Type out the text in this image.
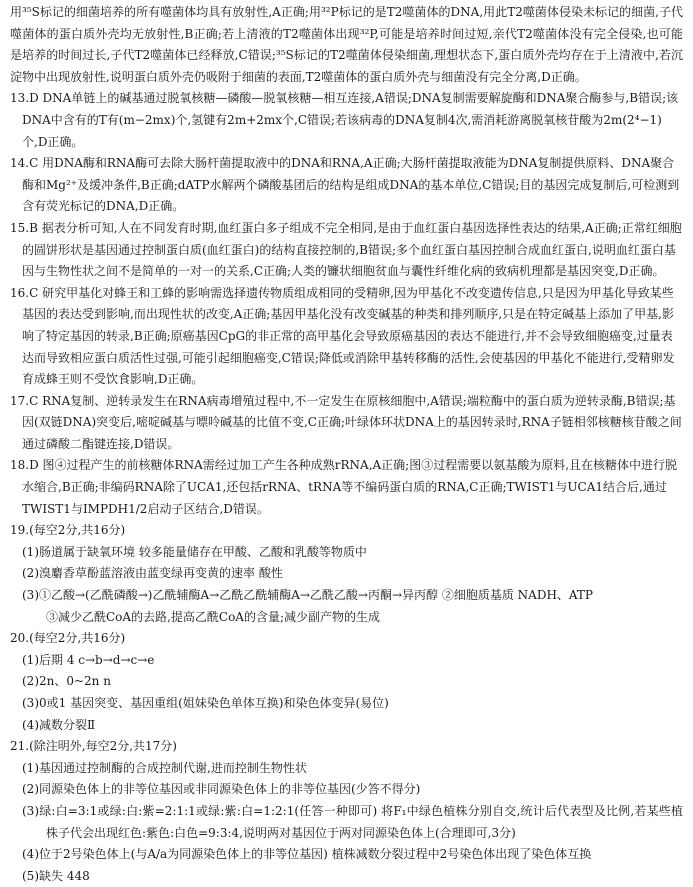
用³⁵S标记的细菌培养的所有噬菌体均具有放射性,A正确;用³²P标记的是T2噬菌体的DNA,用此T2噬菌体侵染未标记的细菌,子代噬菌体的蛋白质外壳均无放射性,B正确;若上清液的T2噬菌体出现³²P,可能是培养时间过短,亲代T2噬菌体没有完全侵染,也可能是培养的时间过长,子代T2噬菌体已经释放,C错误;³⁵S标记的T2噬菌体侵染细菌,理想状态下,蛋白质外壳均存在于上清液中,若沉淀物中出现放射性,说明蛋白质外壳仍吸附于细菌的表面,T2噬菌体的蛋白质外壳与细菌没有完全分离,D正确。

13.D DNA单链上的碱基通过脱氧核糖—磷酸—脱氧核糖—相互连接,A错误;DNA复制需要解旋酶和DNA聚合酶参与,B错误;该DNA中含有的T有(m−2mx)个,氢键有2m+2mx个,C错误;若该病毒的DNA复制4次,需消耗游离脱氧核苷酸为2m(2⁴−1)个,D正确。

14.C 用DNA酶和RNA酶可去除大肠杆菌提取液中的DNA和RNA,A正确;大肠杆菌提取液能为DNA复制提供原料、DNA聚合酶和Mg²⁺及缓冲条件,B正确;dATP水解两个磷酸基团后的结构是组成DNA的基本单位,C错误;目的基因完成复制后,可检测到含有荧光标记的DNA,D正确。

15.B 据表分析可知,人在不同发育时期,血红蛋白多子组成不完全相同,是由于血红蛋白基因选择性表达的结果,A正确;正常红细胞的圆饼形状是基因通过控制蛋白质(血红蛋白)的结构直接控制的,B错误;多个血红蛋白基因控制合成血红蛋白,说明血红蛋白基因与生物性状之间不是简单的一对一的关系,C正确;人类的镰状细胞贫血与囊性纤维化病的致病机理都是基因突变,D正确。

16.C 研究甲基化对蜂王和工蜂的影响需选择遗传物质组成相同的受精卵,因为甲基化不改变遗传信息,只是因为甲基化导致某些基因的表达受到影响,而出现性状的改变,A正确;基因甲基化没有改变碱基的种类和排列顺序,只是在特定碱基上添加了甲基,影响了特定基因的转录,B正确;原癌基因CpG的非正常的高甲基化会导致原癌基因的表达不能进行,并不会导致细胞癌变,过量表达而导致相应蛋白质活性过强,可能引起细胞癌变,C错误;降低或消除甲基转移酶的活性,会使基因的甲基化不能进行,受精卵发育成蜂王则不受饮食影响,D正确。

17.C RNA复制、逆转录发生在RNA病毒增殖过程中,不一定发生在原核细胞中,A错误;端粒酶中的蛋白质为逆转录酶,B错误;基因(双链DNA)突变后,嘧啶碱基与嘌呤碱基的比值不变,C正确;叶绿体环状DNA上的基因转录时,RNA子链相邻核糖核苷酸之间通过磷酸二酯键连接,D错误。

18.D 图④过程产生的前核糖体RNA需经过加工产生各种成熟rRNA,A正确;图③过程需要以氨基酸为原料,且在核糖体中进行脱水缩合,B正确;非编码RNA除了UCA1,还包括rRNA、tRNA等不编码蛋白质的RNA,C正确;TWIST1与UCA1结合后,通过TWIST1与IMPDH1/2启动子区结合,D错误。

19.(每空2分,共16分)

(1)肠道属于缺氧环境 较多能量储存在甲酸、乙酸和乳酸等物质中

(2)溴麝香草酚蓝溶液由蓝变绿再变黄的速率 酸性

(3)①乙酸→(乙酰磷酸→)乙酰辅酶A→乙酰乙酰辅酶A→乙酰乙酸→丙酮→异丙醇 ②细胞质基质 NADH、ATP

③减少乙酰CoA的去路,提高乙酰CoA的含量;减少副产物的生成

20.(每空2分,共16分)

(1)后期 4 c→b→d→c→e

(2)2n、0~2n n

(3)0或1 基因突变、基因重组(姐妹染色单体互换)和染色体变异(易位)

(4)减数分裂Ⅱ

21.(除注明外,每空2分,共17分)

(1)基因通过控制酶的合成控制代谢,进而控制生物性状

(2)同源染色体上的非等位基因或非同源染色体上的非等位基因(少答不得分)

(3)绿:白=3:1或绿:白:紫=2:1:1或绿:紫:白=1:2:1(任答一种即可) 将F₁中绿色植株分别自交,统计后代表型及比例,若某些植株子代会出现红色:紫色:白色=9:3:4,说明两对基因位于两对同源染色体上(合理即可,3分)

(4)位于2号染色体上(与A/a为同源染色体上的非等位基因) 植株减数分裂过程中2号染色体出现了染色体互换

(5)缺失 448
